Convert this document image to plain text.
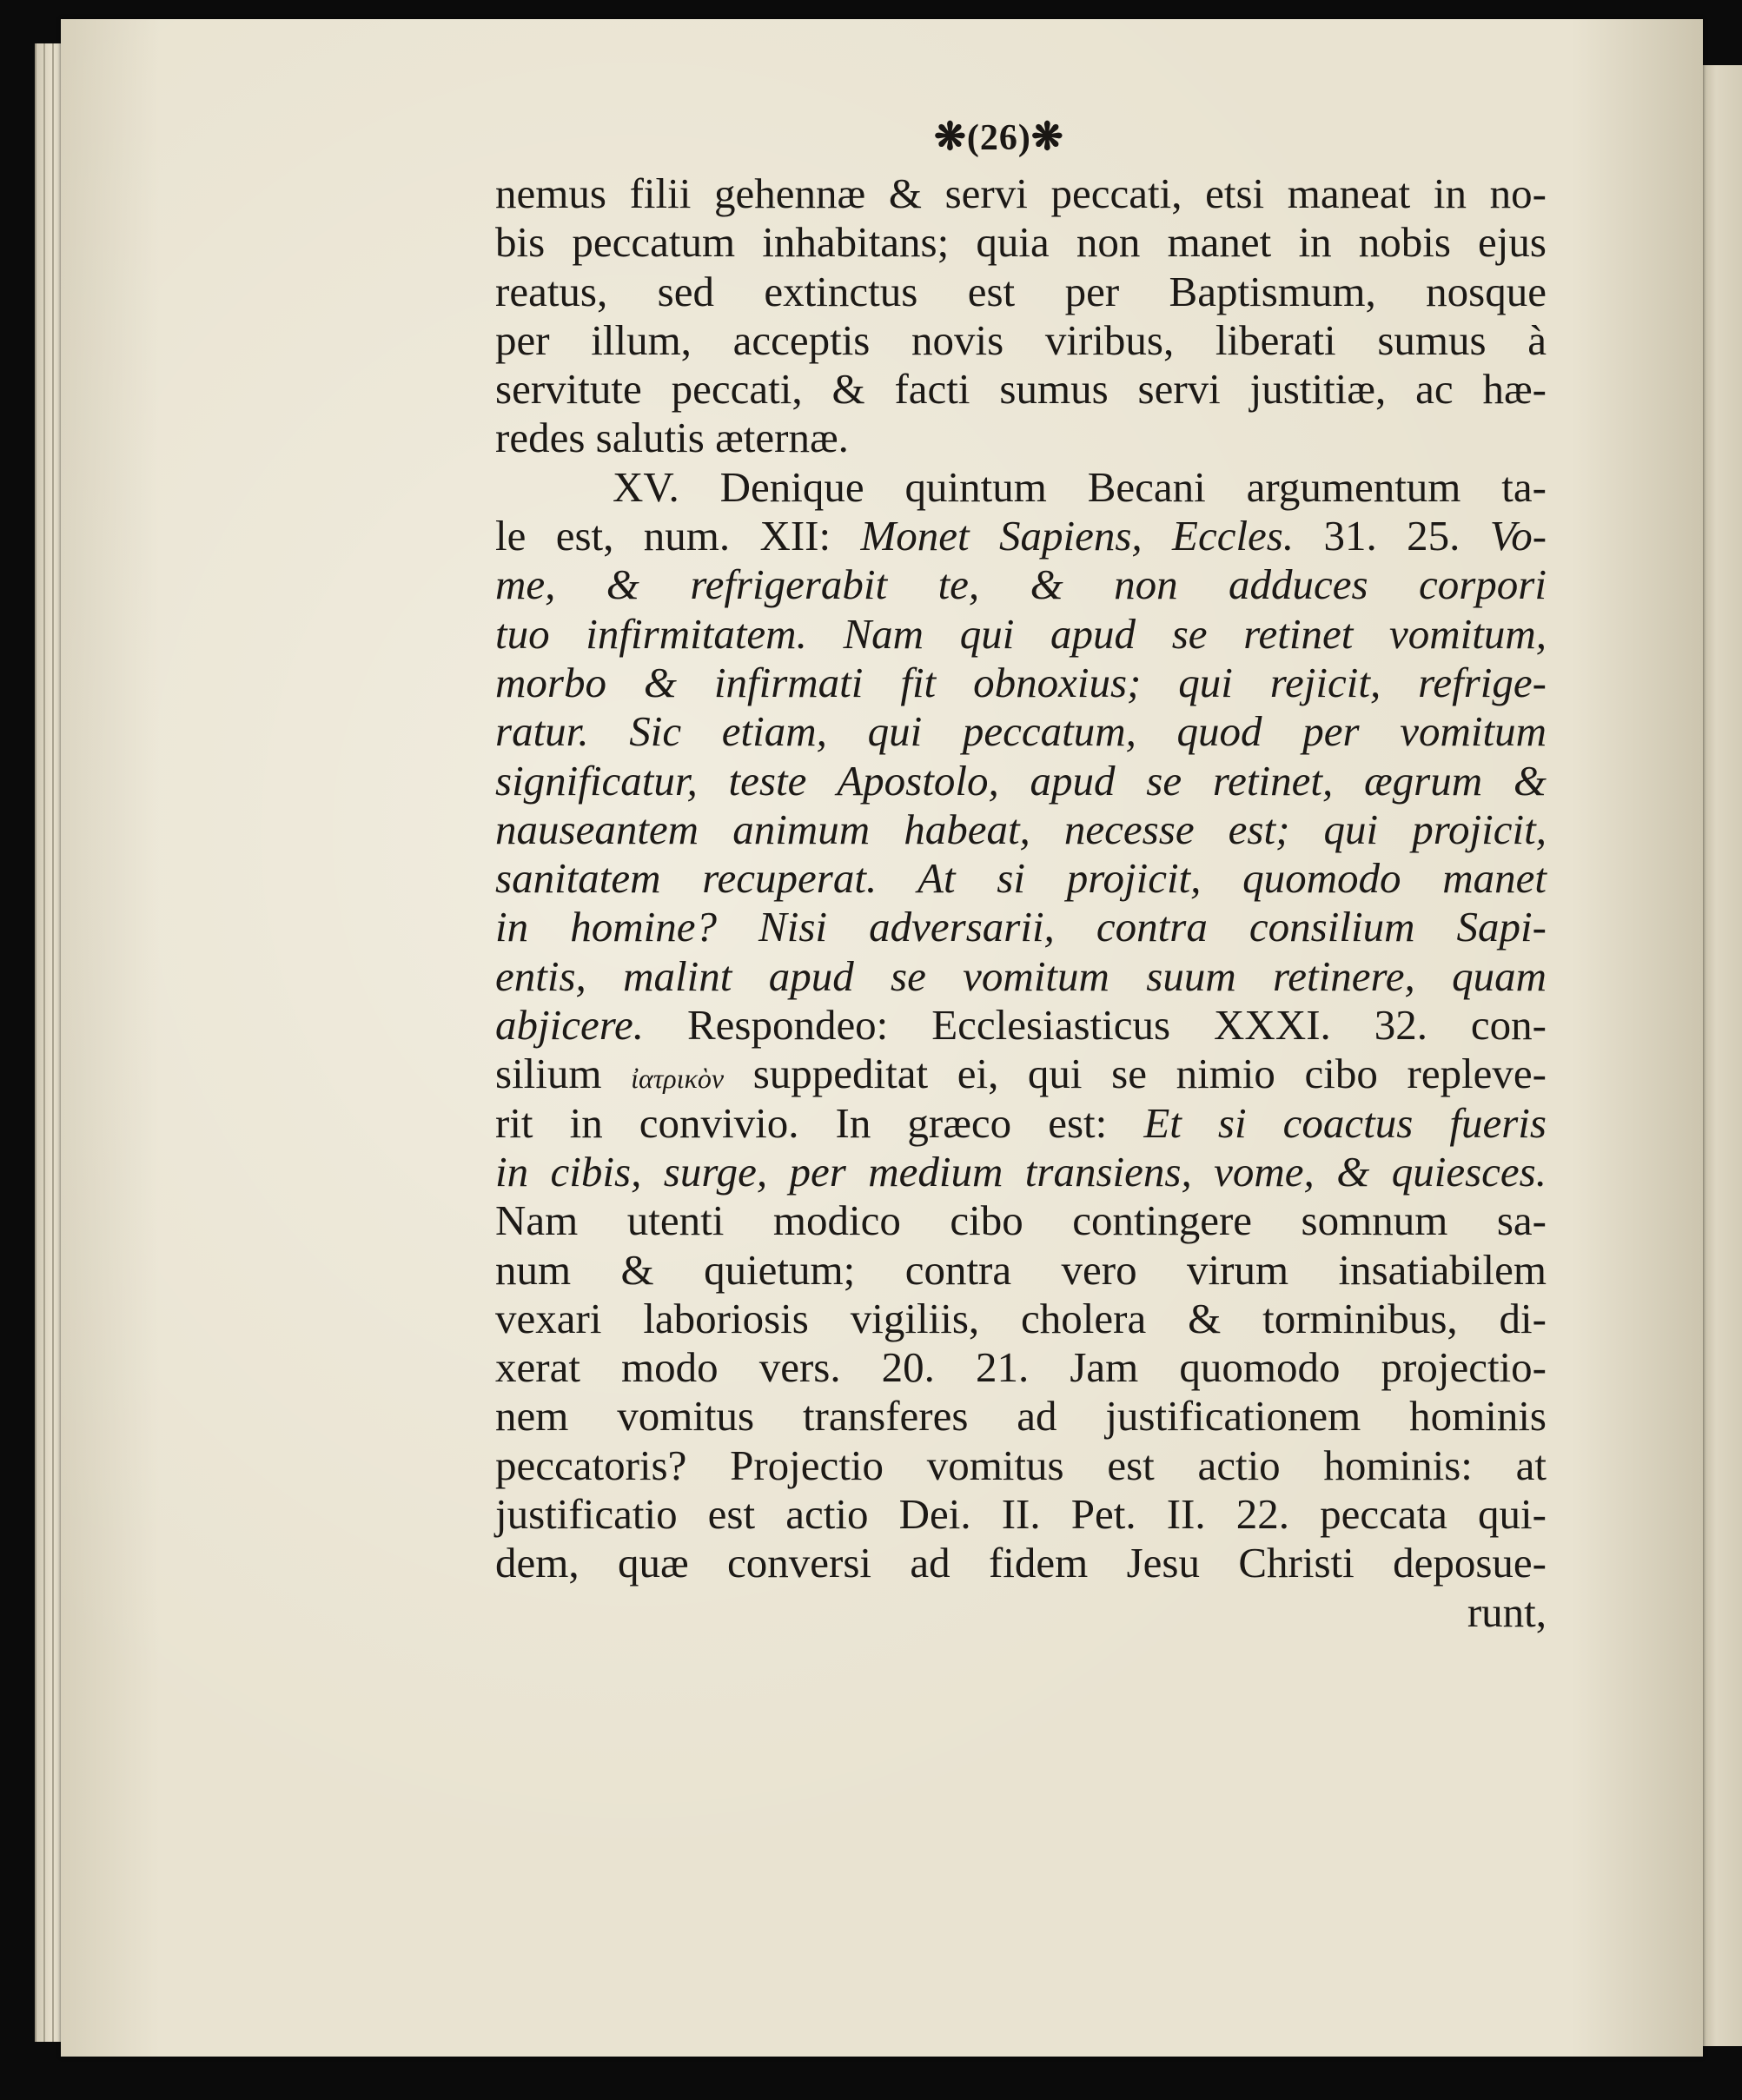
❋(26)❋
nemus filii gehennæ & servi peccati, etsi maneat in no-
bis peccatum inhabitans; quia non manet in nobis ejus
reatus, sed extinctus est per Baptismum, nosque
per illum, acceptis novis viribus, liberati sumus à
servitute peccati, & facti sumus servi justitiæ, ac hæ-
redes salutis æternæ.
XV. Denique quintum Becani argumentum ta-
le est, num. XII: Monet Sapiens, Eccles. 31. 25. Vo-
me, & refrigerabit te, & non adduces corpori
tuo infirmitatem. Nam qui apud se retinet vomitum,
morbo & infirmati fit obnoxius; qui rejicit, refrige-
ratur. Sic etiam, qui peccatum, quod per vomitum
significatur, teste Apostolo, apud se retinet, ægrum &
nauseantem animum habeat, necesse est; qui projicit,
sanitatem recuperat. At si projicit, quomodo manet
in homine? Nisi adversarii, contra consilium Sapi-
entis, malint apud se vomitum suum retinere, quam
abjicere. Respondeo: Ecclesiasticus XXXI. 32. con-
silium ἰατρικὸν suppeditat ei, qui se nimio cibo repleve-
rit in convivio. In græco est: Et si coactus fueris
in cibis, surge, per medium transiens, vome, & quiesces.
Nam utenti modico cibo contingere somnum sa-
num & quietum; contra vero virum insatiabilem
vexari laboriosis vigiliis, cholera & torminibus, di-
xerat modo vers. 20. 21. Jam quomodo projectio-
nem vomitus transferes ad justificationem hominis
peccatoris? Projectio vomitus est actio hominis: at
justificatio est actio Dei. II. Pet. II. 22. peccata qui-
dem, quæ conversi ad fidem Jesu Christi deposue-
runt,
